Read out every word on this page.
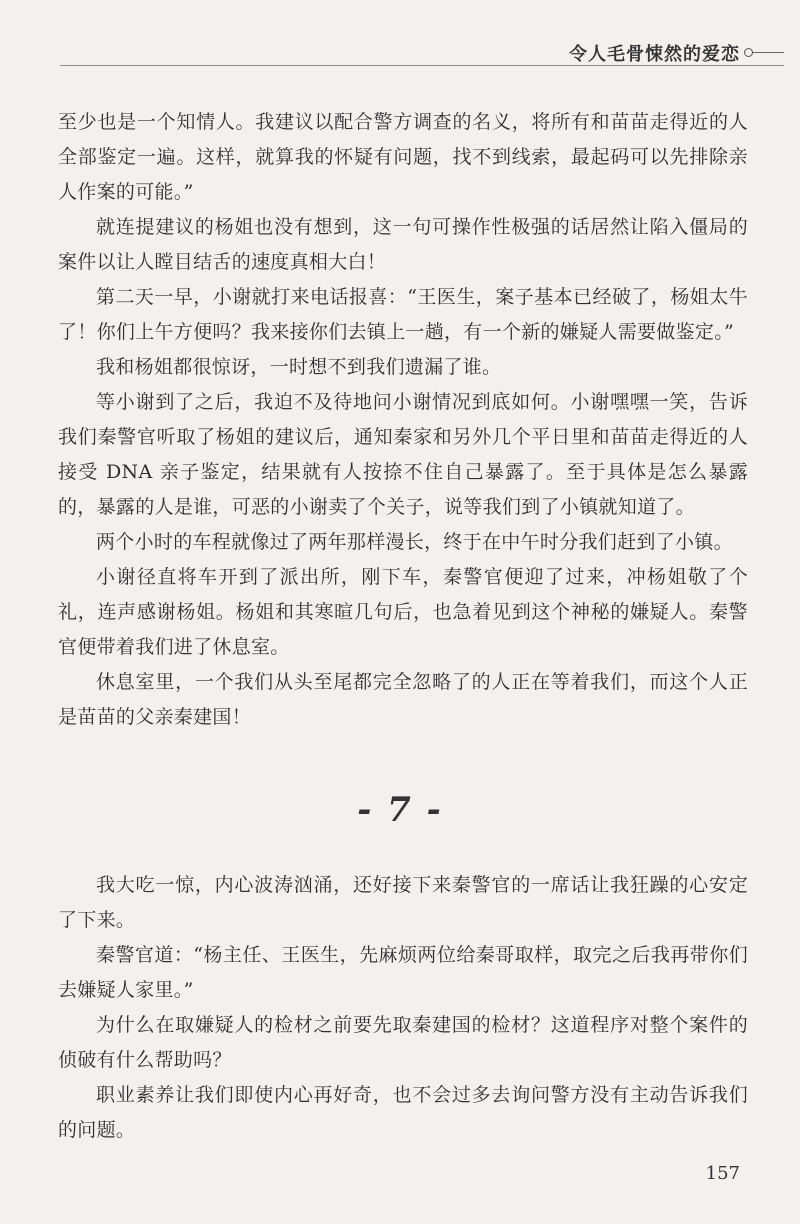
令人毛骨悚然的爱恋

至少也是一个知情人。我建议以配合警方调查的名义，将所有和苗苗走得近的人全部鉴定一遍。这样，就算我的怀疑有问题，找不到线索，最起码可以先排除亲人作案的可能。”

就连提建议的杨姐也没有想到，这一句可操作性极强的话居然让陷入僵局的案件以让人瞠目结舌的速度真相大白！

第二天一早，小谢就打来电话报喜：“王医生，案子基本已经破了，杨姐太牛了！你们上午方便吗？我来接你们去镇上一趟，有一个新的嫌疑人需要做鉴定。”

我和杨姐都很惊讶，一时想不到我们遗漏了谁。

等小谢到了之后，我迫不及待地问小谢情况到底如何。小谢嘿嘿一笑，告诉我们秦警官听取了杨姐的建议后，通知秦家和另外几个平日里和苗苗走得近的人接受 DNA 亲子鉴定，结果就有人按捺不住自己暴露了。至于具体是怎么暴露的，暴露的人是谁，可恶的小谢卖了个关子，说等我们到了小镇就知道了。

两个小时的车程就像过了两年那样漫长，终于在中午时分我们赶到了小镇。

小谢径直将车开到了派出所，刚下车，秦警官便迎了过来，冲杨姐敬了个礼，连声感谢杨姐。杨姐和其寒暄几句后，也急着见到这个神秘的嫌疑人。秦警官便带着我们进了休息室。

休息室里，一个我们从头至尾都完全忽略了的人正在等着我们，而这个人正是苗苗的父亲秦建国！

- 7 -

我大吃一惊，内心波涛汹涌，还好接下来秦警官的一席话让我狂躁的心安定了下来。

秦警官道：“杨主任、王医生，先麻烦两位给秦哥取样，取完之后我再带你们去嫌疑人家里。”

为什么在取嫌疑人的检材之前要先取秦建国的检材？这道程序对整个案件的侦破有什么帮助吗？

职业素养让我们即使内心再好奇，也不会过多去询问警方没有主动告诉我们的问题。

157
